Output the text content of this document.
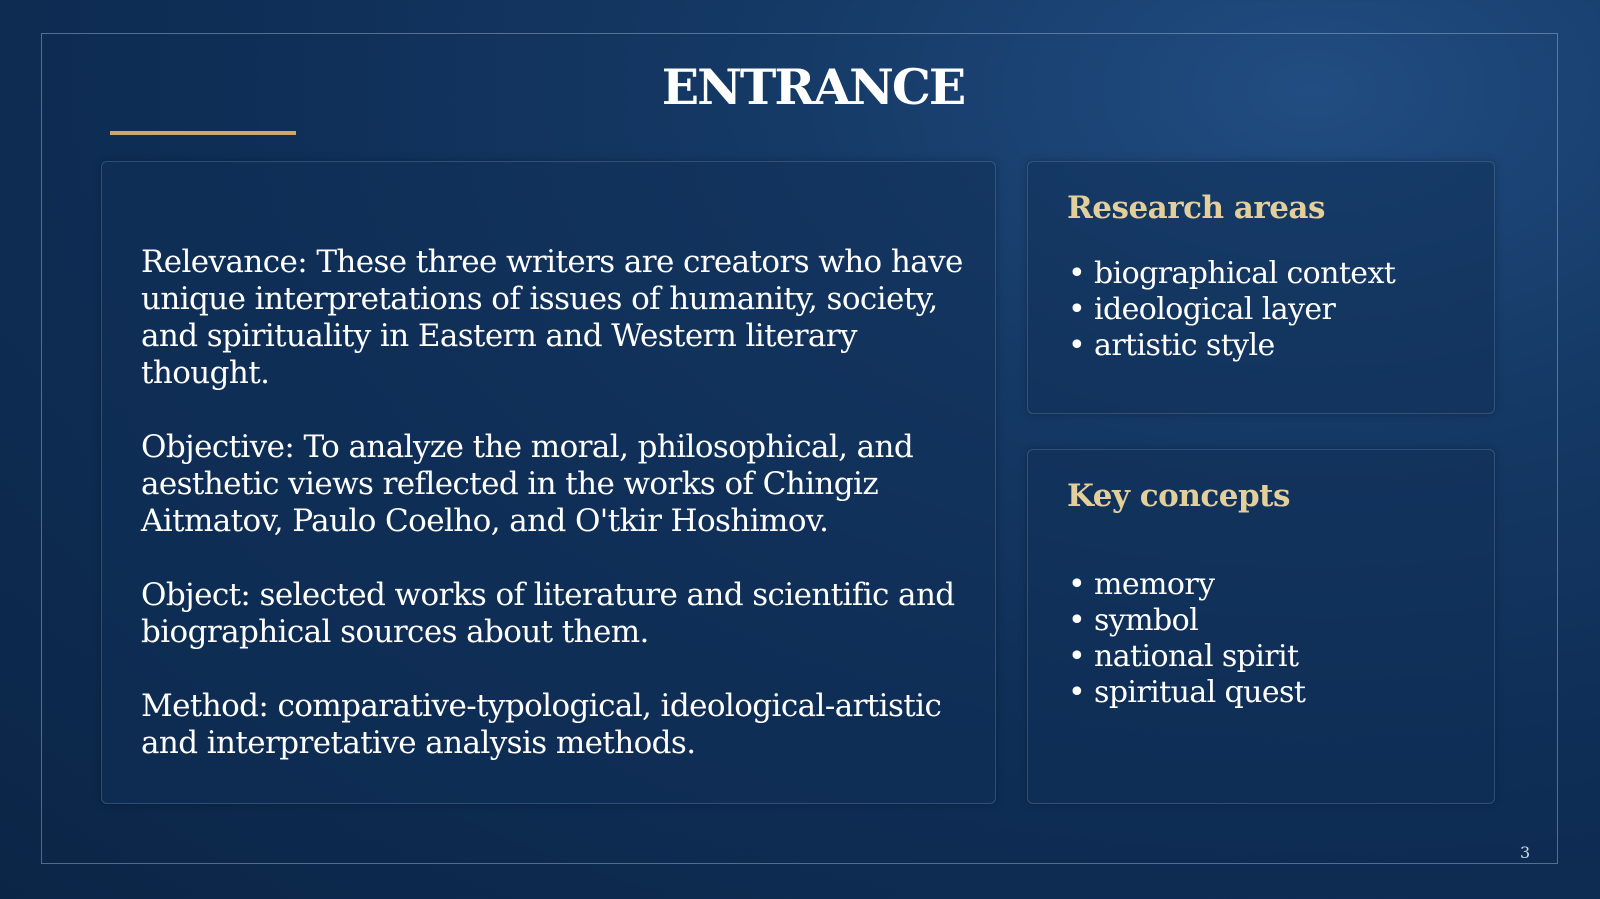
ENTRANCE

Relevance: These three writers are creators who have unique interpretations of issues of humanity, society, and spirituality in Eastern and Western literary thought.

Objective: To analyze the moral, philosophical, and aesthetic views reflected in the works of Chingiz Aitmatov, Paulo Coelho, and O'tkir Hoshimov.

Object: selected works of literature and scientific and biographical sources about them.

Method: comparative-typological, ideological-artistic and interpretative analysis methods.

Research areas
• biographical context
• ideological layer
• artistic style
Key concepts
• memory
• symbol
• national spirit
• spiritual quest
3
